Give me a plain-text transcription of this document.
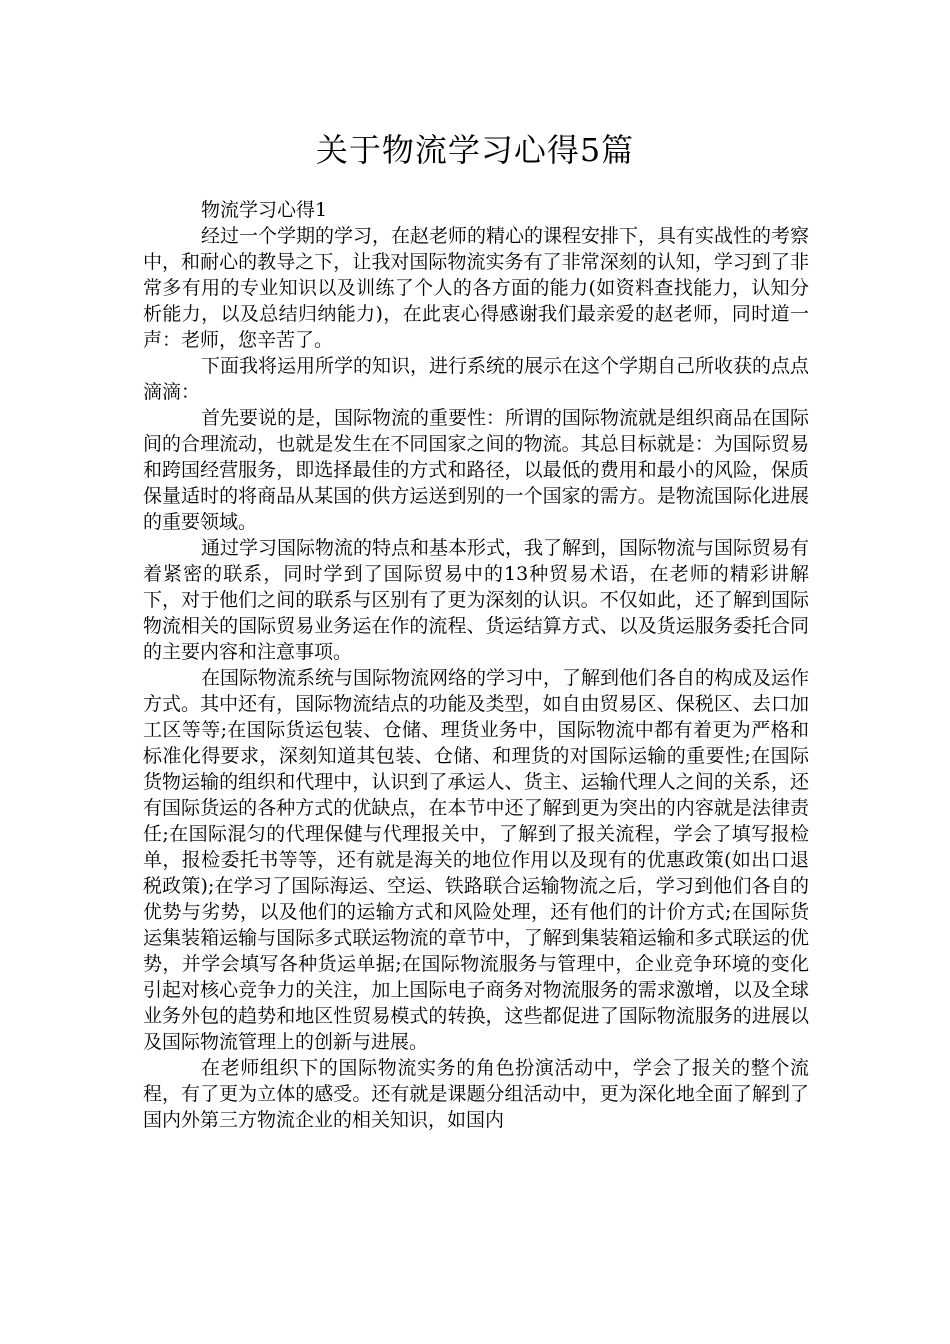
关于物流学习心得5篇

物流学习心得1

经过一个学期的学习，在赵老师的精心的课程安排下，具有实战性的考察中，和耐心的教导之下，让我对国际物流实务有了非常深刻的认知，学习到了非常多有用的专业知识以及训练了个人的各方面的能力(如资料查找能力，认知分析能力，以及总结归纳能力)，在此衷心得感谢我们最亲爱的赵老师，同时道一声：老师，您辛苦了。

下面我将运用所学的知识，进行系统的展示在这个学期自己所收获的点点滴滴：

首先要说的是，国际物流的重要性：所谓的国际物流就是组织商品在国际间的合理流动，也就是发生在不同国家之间的物流。其总目标就是：为国际贸易和跨国经营服务，即选择最佳的方式和路径，以最低的费用和最小的风险，保质保量适时的将商品从某国的供方运送到别的一个国家的需方。是物流国际化进展的重要领域。

通过学习国际物流的特点和基本形式，我了解到，国际物流与国际贸易有着紧密的联系，同时学到了国际贸易中的13种贸易术语，在老师的精彩讲解下，对于他们之间的联系与区别有了更为深刻的认识。不仅如此，还了解到国际物流相关的国际贸易业务运在作的流程、货运结算方式、以及货运服务委托合同的主要内容和注意事项。

在国际物流系统与国际物流网络的学习中，了解到他们各自的构成及运作方式。其中还有，国际物流结点的功能及类型，如自由贸易区、保税区、去口加工区等等;在国际货运包装、仓储、理货业务中，国际物流中都有着更为严格和标准化得要求，深刻知道其包装、仓储、和理货的对国际运输的重要性;在国际货物运输的组织和代理中，认识到了承运人、货主、运输代理人之间的关系，还有国际货运的各种方式的优缺点，在本节中还了解到更为突出的内容就是法律责任;在国际混匀的代理保健与代理报关中，了解到了报关流程，学会了填写报检单，报检委托书等等，还有就是海关的地位作用以及现有的优惠政策(如出口退税政策);在学习了国际海运、空运、铁路联合运输物流之后，学习到他们各自的优势与劣势，以及他们的运输方式和风险处理，还有他们的计价方式;在国际货运集装箱运输与国际多式联运物流的章节中，了解到集装箱运输和多式联运的优势，并学会填写各种货运单据;在国际物流服务与管理中，企业竞争环境的变化引起对核心竞争力的关注，加上国际电子商务对物流服务的需求激增，以及全球业务外包的趋势和地区性贸易模式的转换，这些都促进了国际物流服务的进展以及国际物流管理上的创新与进展。

在老师组织下的国际物流实务的角色扮演活动中，学会了报关的整个流程，有了更为立体的感受。还有就是课题分组活动中，更为深化地全面了解到了国内外第三方物流企业的相关知识，如国内
